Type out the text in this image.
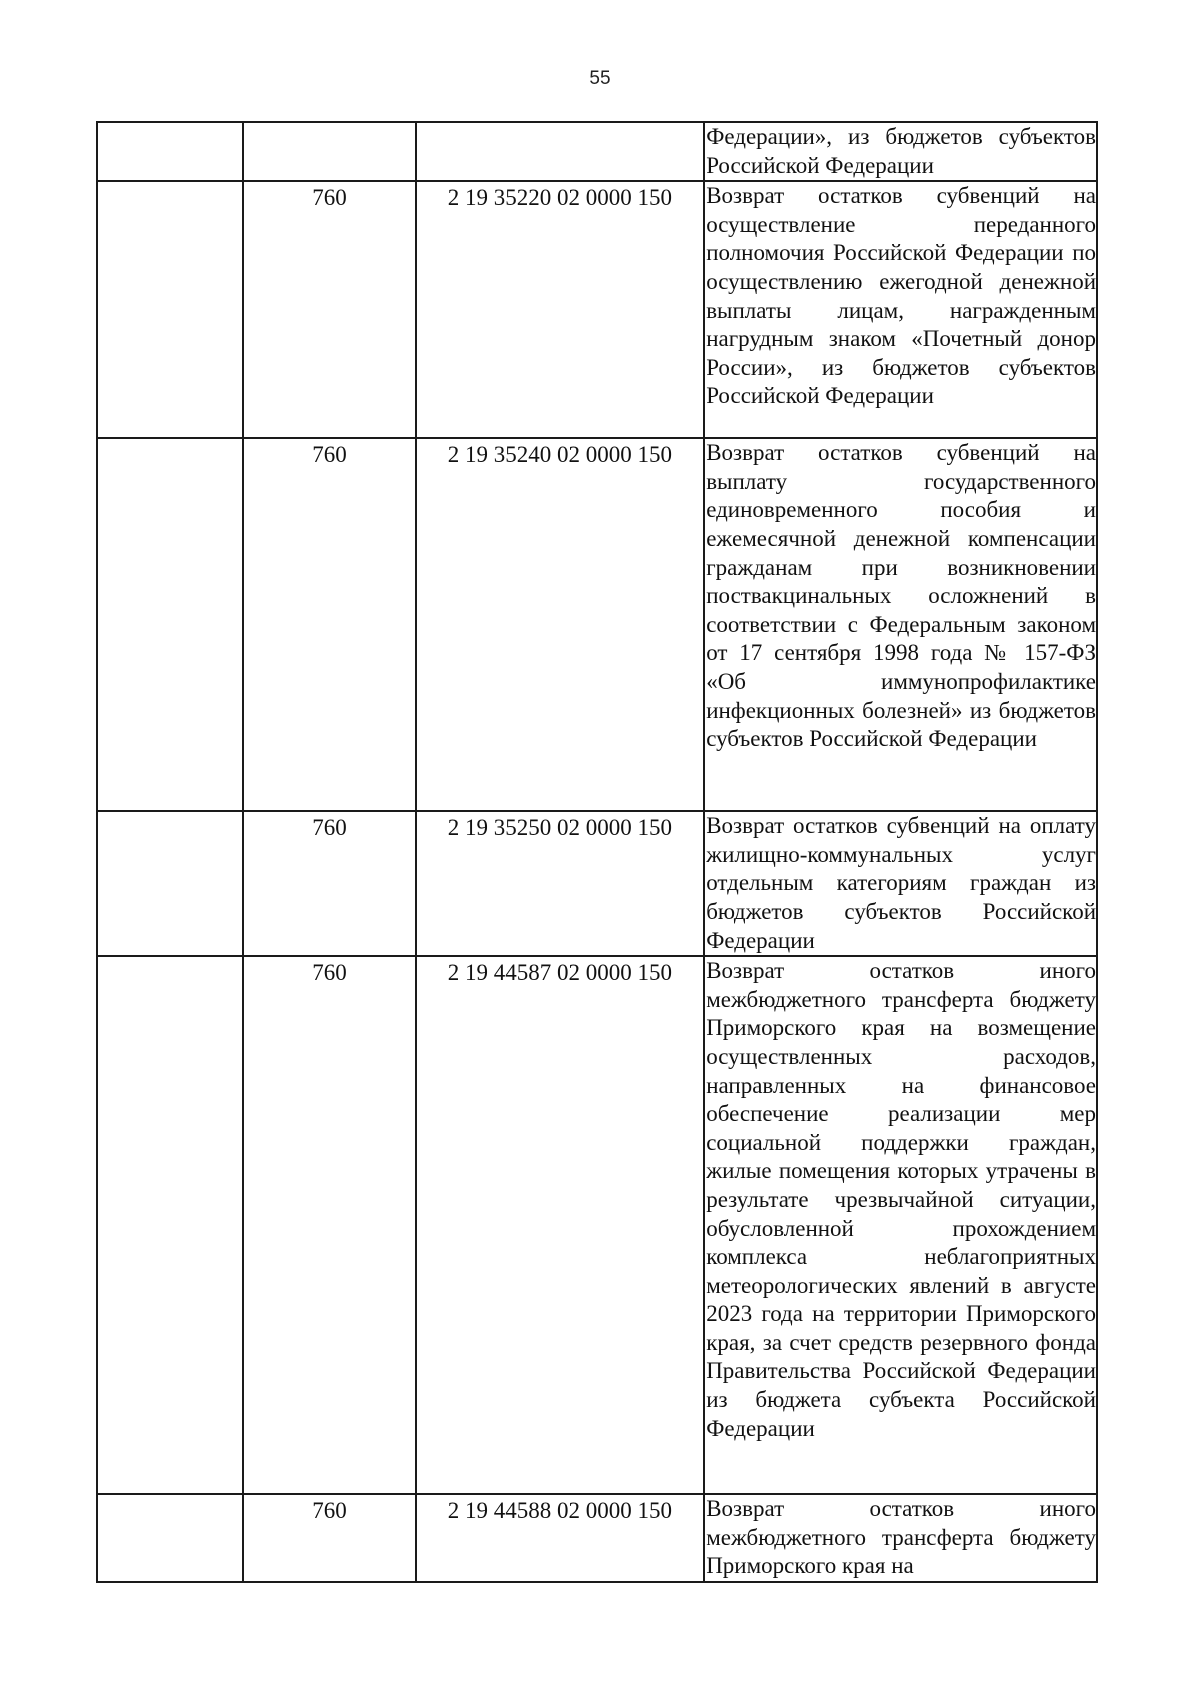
55

			Федерации», из бюджетов субъектов Российской Федерации

	760	2 19 35220 02 0000 150	Возврат остатков субвенций на осуществление переданного полномочия Российской Федерации по осуществлению ежегодной денежной выплаты лицам, награжденным нагрудным знаком «Почетный донор России», из бюджетов субъектов Российской Федерации

	760	2 19 35240 02 0000 150	Возврат остатков субвенций на выплату государственного единовременного пособия и ежемесячной денежной компенсации гражданам при возникновении поствакцинальных осложнений в соответствии с Федеральным законом от 17 сентября 1998 года № 157-ФЗ «Об иммунопрофилактике инфекционных болезней» из бюджетов субъектов Российской Федерации

	760	2 19 35250 02 0000 150	Возврат остатков субвенций на оплату жилищно-коммунальных услуг отдельным категориям граждан из бюджетов субъектов Российской Федерации

	760	2 19 44587 02 0000 150	Возврат остатков иного межбюджетного трансферта бюджету Приморского края на возмещение осуществленных расходов, направленных на финансовое обеспечение реализации мер социальной поддержки граждан, жилые помещения которых утрачены в результате чрезвычайной ситуации, обусловленной прохождением комплекса неблагоприятных метеорологических явлений в августе 2023 года на территории Приморского края, за счет средств резервного фонда Правительства Российской Федерации из бюджета субъекта Российской Федерации

	760	2 19 44588 02 0000 150	Возврат остатков иного межбюджетного трансферта бюджету Приморского края на
